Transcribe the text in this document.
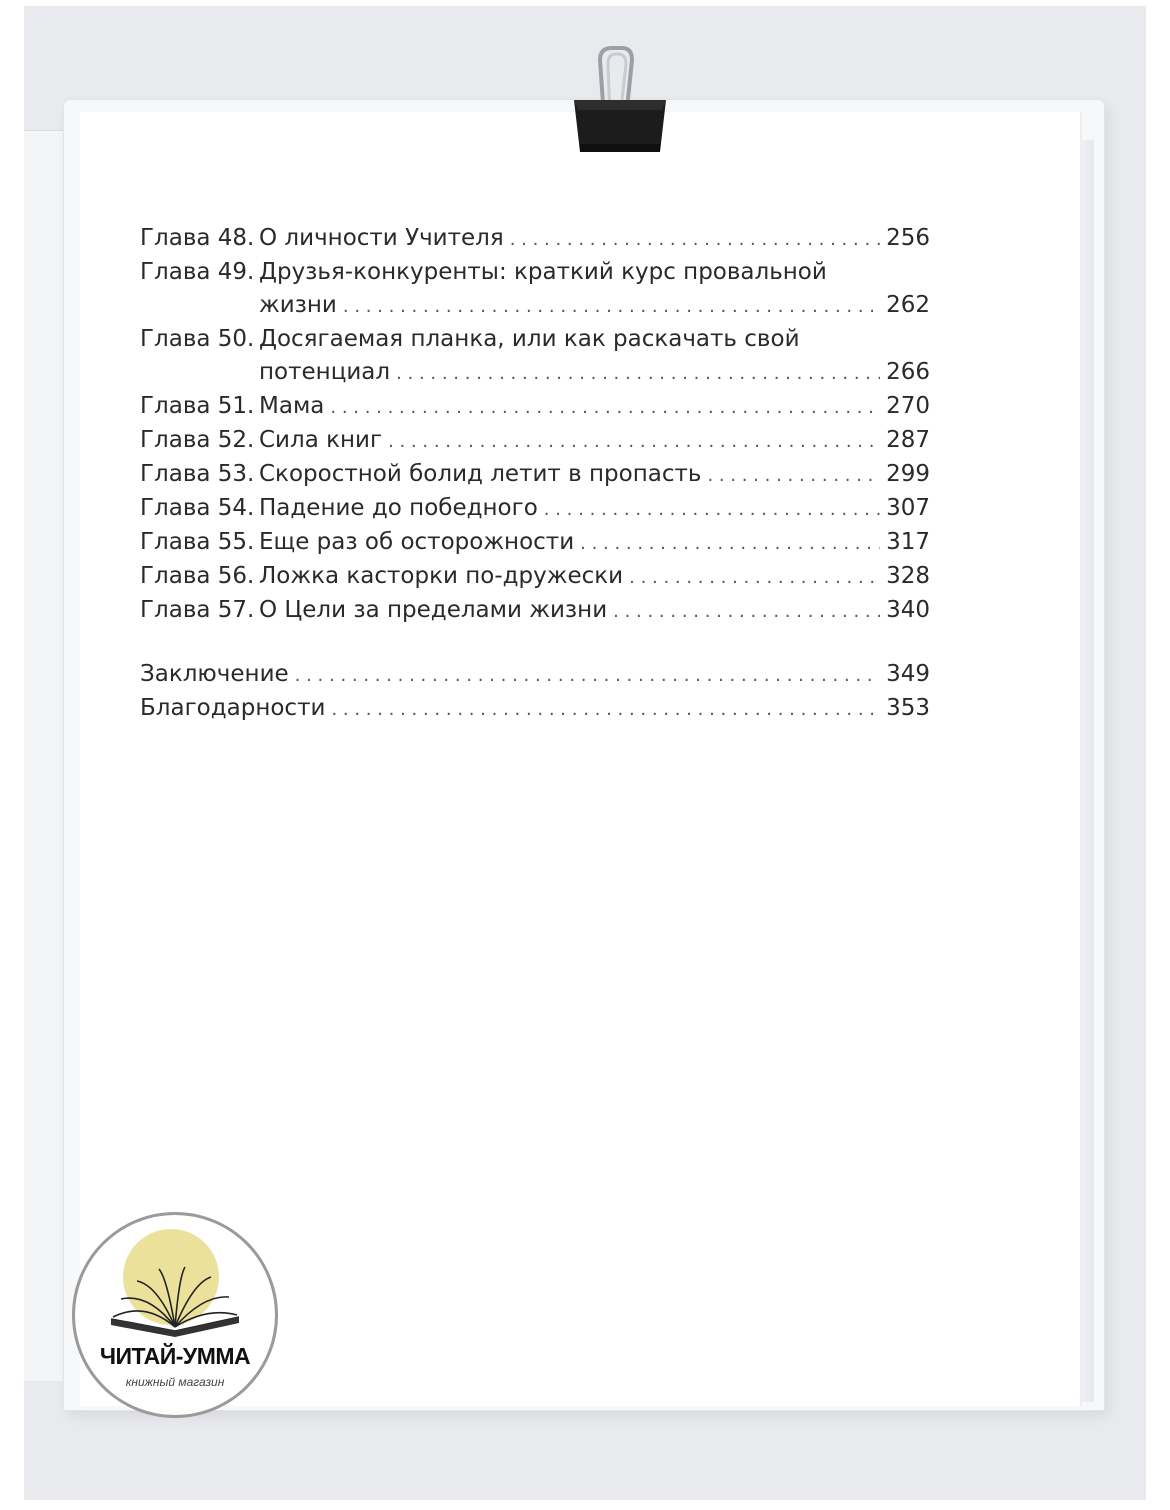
Глава 48. О личности Учителя . . .	256
Глава 49. Друзья-конкуренты: краткий курс провальной
жизни . . .	262
Глава 50. Досягаемая планка, или как раскачать свой
потенциал . . .	266
Глава 51. Мама . . .	270
Глава 52. Сила книг . . .	287
Глава 53. Скоростной болид летит в пропасть . . .	299
Глава 54. Падение до победного . . .	307
Глава 55. Еще раз об осторожности . . .	317
Глава 56. Ложка касторки по-дружески . . .	328
Глава 57. О Цели за пределами жизни . . .	340
Заключение . . .	349
Благодарности . . .	353
ЧИТАЙ-УММА
книжный магазин
